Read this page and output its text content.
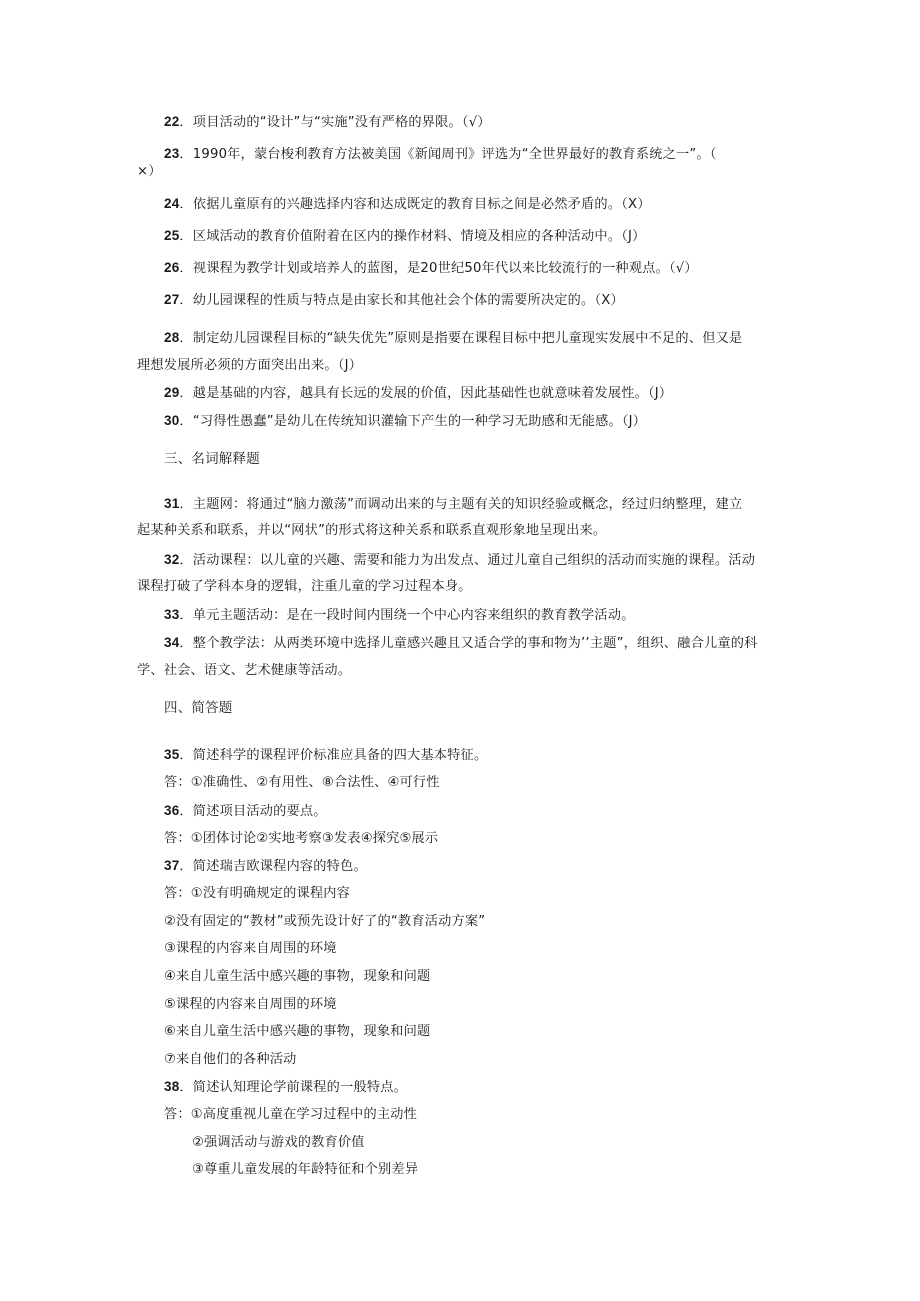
22．项目活动的“设计”与“实施”没有严格的界限。（√）
23．1990年，蒙台梭利教育方法被美国《新闻周刊》评选为“全世界最好的教育系统之一”。（
×）
24．依据儿童原有的兴趣选择内容和达成既定的教育目标之间是必然矛盾的。（X）
25．区域活动的教育价值附着在区内的操作材料、情境及相应的各种活动中。（J）
26．视课程为教学计划或培养人的蓝图，是20世纪50年代以来比较流行的一种观点。（√）
27．幼儿园课程的性质与特点是由家长和其他社会个体的需要所决定的。（X）
28．制定幼儿园课程目标的“缺失优先”原则是指要在课程目标中把儿童现实发展中不足的、但又是
理想发展所必须的方面突出出来。（J）
29．越是基础的内容，越具有长远的发展的价值，因此基础性也就意味着发展性。（J）
30．“习得性愚蠢”是幼儿在传统知识灌输下产生的一种学习无助感和无能感。（J）
三、名词解释题
31．主题网：将通过“脑力激荡”而调动出来的与主题有关的知识经验或概念，经过归纳整理，建立
起某种关系和联系，并以“网状”的形式将这种关系和联系直观形象地呈现出来。
32．活动课程：以儿童的兴趣、需要和能力为出发点、通过儿童自己组织的活动而实施的课程。活动
课程打破了学科本身的逻辑，注重儿童的学习过程本身。
33．单元主题活动：是在一段时间内围绕一个中心内容来组织的教育教学活动。
34．整个教学法：从两类环境中选择儿童感兴趣且又适合学的事和物为’’主题”，组织、融合儿童的科
学、社会、语文、艺术健康等活动。
四、简答题
35．简述科学的课程评价标准应具备的四大基本特征。
答：①准确性、②有用性、⑧合法性、④可行性
36．简述项目活动的要点。
答：①团体讨论②实地考察③发表④探究⑤展示
37．简述瑞吉欧课程内容的特色。
答：①没有明确规定的课程内容
②没有固定的“教材”或预先设计好了的“教育活动方案”
③课程的内容来自周围的环境
④来自儿童生活中感兴趣的事物，现象和问题
⑤课程的内容来自周围的环境
⑥来自儿童生活中感兴趣的事物，现象和问题
⑦来自他们的各种活动
38．简述认知理论学前课程的一般特点。
答：①高度重视儿童在学习过程中的主动性
②强调活动与游戏的教育价值
③尊重儿童发展的年龄特征和个别差异
